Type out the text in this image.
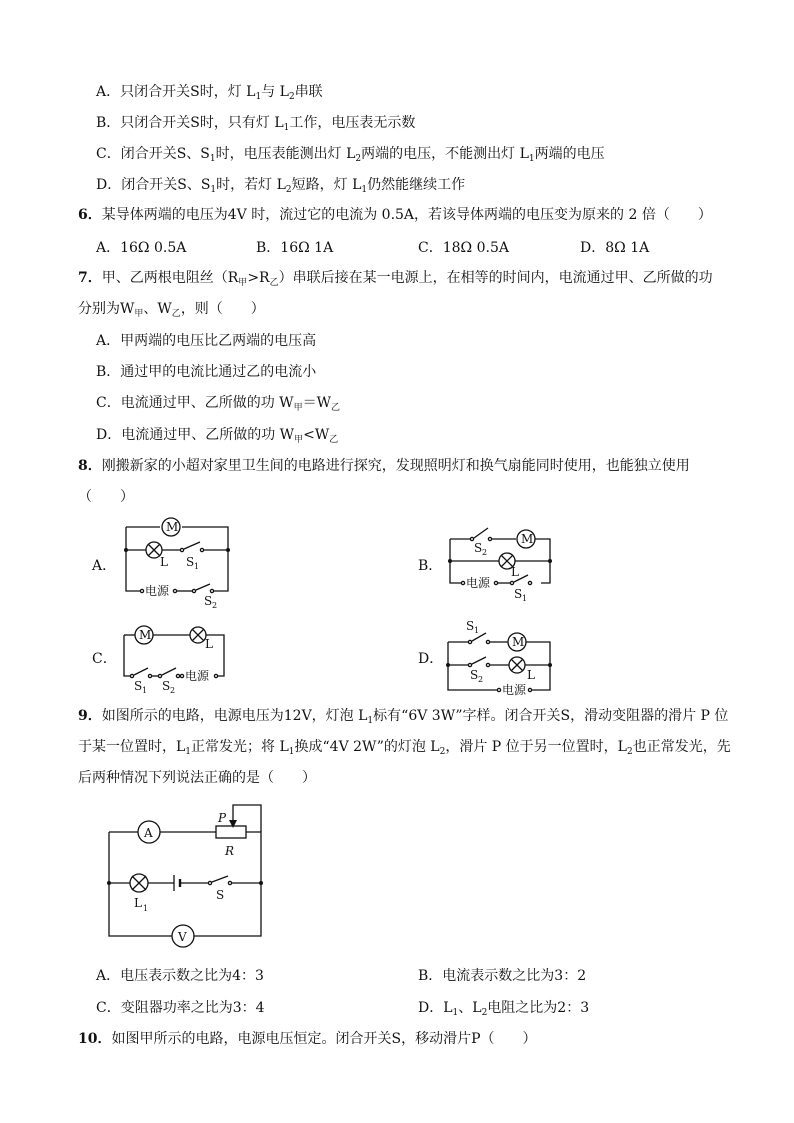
A．只闭合开关S时，灯 $L_1$与 $L_2$串联
B．只闭合开关S时，只有灯 $L_1$工作，电压表无示数
C．闭合开关S、$S_1$时，电压表能测出灯 $L_2$两端的电压，不能测出灯 $L_1$两端的电压
D．闭合开关S、$S_1$时，若灯 $L_2$短路，灯 $L_1$仍然能继续工作
6．某导体两端的电压为4V 时，流过它的电流为 0.5A，若该导体两端的电压变为原来的 2 倍（　　）
A．16Ω 0.5A	B．16Ω 1A	C．18Ω 0.5A	D．8Ω 1A
7．甲、乙两根电阻丝$(R_甲>R_乙)$串联后接在某一电源上，在相等的时间内，电流通过甲、乙所做的功
分别为$W_甲$、$W_乙$，则（　　）
A．甲两端的电压比乙两端的电压高
B．通过甲的电流比通过乙的电流小
C．电流通过甲、乙所做的功 $W_甲=W_乙$
D．电流通过甲、乙所做的功 $W_甲<W_乙$
8．刚搬新家的小超对家里卫生间的电路进行探究，发现照明灯和换气扇能同时使用，也能独立使用
（　　）
A．	B．
C．	D．
M
L S 1
电源
S 2
S 2
M
L
电源
S 1
M
L
S 1 S 2
电源
S 1
M
S 2	L
电源
A
R
P
V
L 1
S
9．如图所示的电路，电源电压为12V，灯泡 $L_1$标有“6V 3W”字样。闭合开关S，滑动变阻器的滑片 P 位
于某一位置时，$L_1$正常发光；将 $L_1$换成“4V 2W”的灯泡 $L_2$，滑片 P 位于另一位置时，$L_2$也正常发光，先
后两种情况下列说法正确的是（　　）
A．电压表示数之比为4：3	B．电流表示数之比为3：2
C．变阻器功率之比为3：4	D．$L_1$、$L_2$电阻之比为2：3
10．如图甲所示的电路，电源电压恒定。闭合开关S，移动滑片P（　　）
